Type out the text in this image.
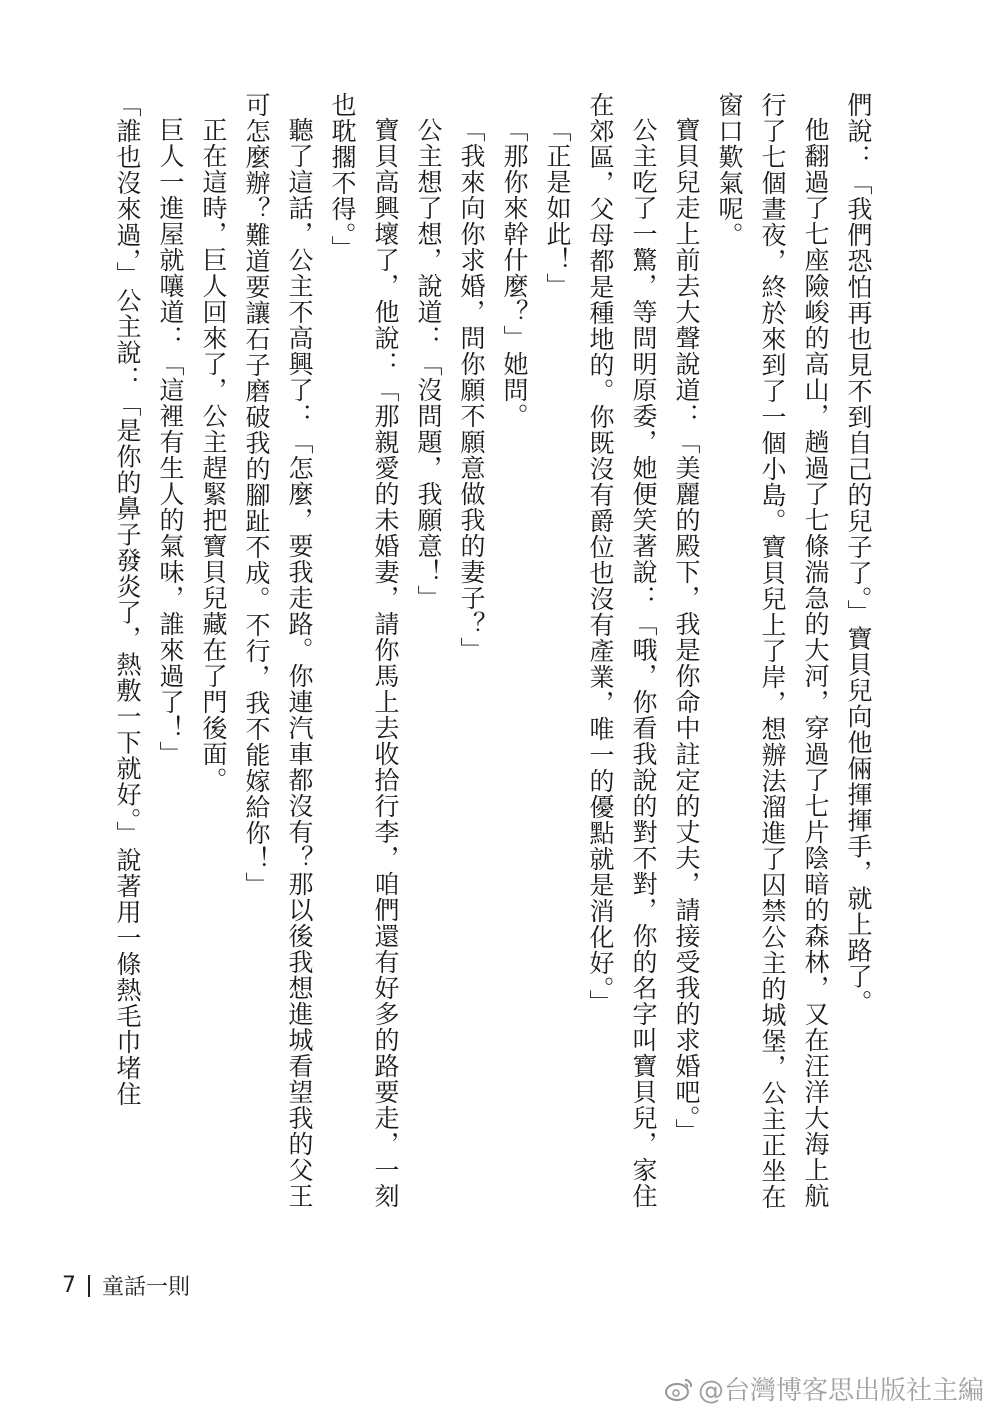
們說：「我們恐怕再也見不到自己的兒子了。」寶貝兒向他倆揮揮手，就上路了。

他翻過了七座險峻的高山，趟過了七條湍急的大河，穿過了七片陰暗的森林，又在汪洋大海上航行了七個晝夜，終於來到了一個小島。寶貝兒上了岸，想辦法溜進了囚禁公主的城堡，公主正坐在窗口歎氣呢。

寶貝兒走上前去大聲說道：「美麗的殿下，我是你命中註定的丈夫，請接受我的求婚吧。」

公主吃了一驚，等問明原委，她便笑著說：「哦，你看我說的對不對，你的名字叫寶貝兒，家住在郊區，父母都是種地的。你既沒有爵位也沒有產業，唯一的優點就是消化好。」

「正是如此！」

「那你來幹什麼？」她問。

「我來向你求婚，問你願不願意做我的妻子？」

公主想了想，說道：「沒問題，我願意！」

寶貝高興壞了，他說：「那親愛的未婚妻，請你馬上去收拾行李，咱們還有好多的路要走，一刻也耽擱不得。」

聽了這話，公主不高興了：「怎麼，要我走路。你連汽車都沒有？那以後我想進城看望我的父王可怎麼辦？難道要讓石子磨破我的腳趾不成。不行，我不能嫁給你！」

正在這時，巨人回來了，公主趕緊把寶貝兒藏在了門後面。

巨人一進屋就嚷道：「這裡有生人的氣味，誰來過了！」

「誰也沒來過，」公主說：「是你的鼻子發炎了，熱敷一下就好。」說著用一條熱毛巾堵住

7 童話一則
@台灣博客思出版社主編
